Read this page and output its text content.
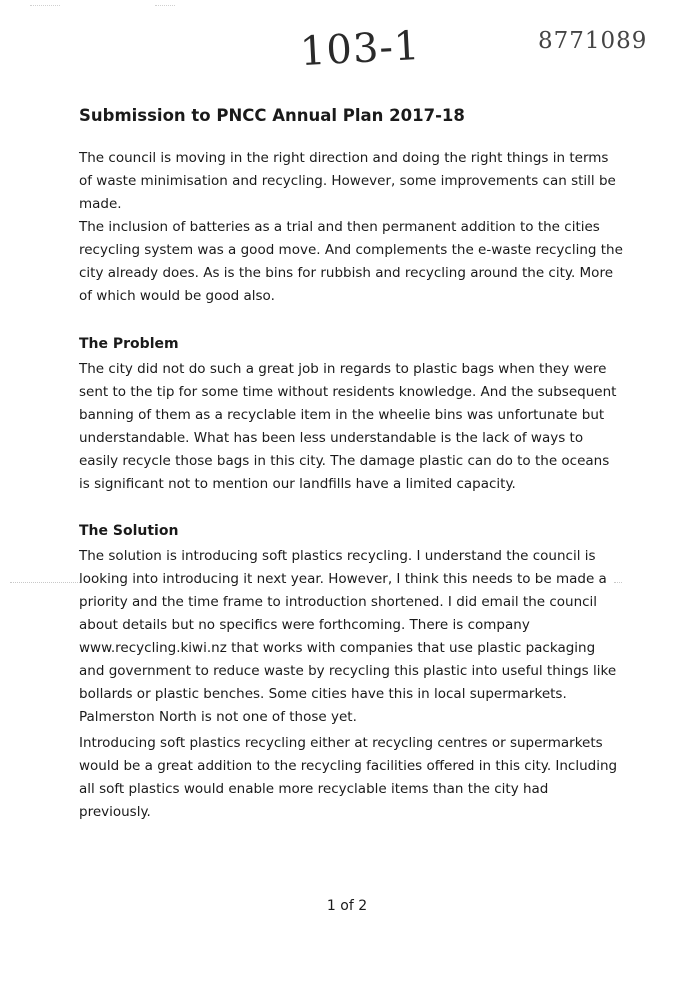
103-1	8771089
Submission to PNCC Annual Plan 2017-18

The council is moving in the right direction and doing the right things in terms of waste minimisation and recycling. However, some improvements can still be made.

The inclusion of batteries as a trial and then permanent addition to the cities recycling system was a good move. And complements the e-waste recycling the city already does. As is the bins for rubbish and recycling around the city. More of which would be good also.

The Problem

The city did not do such a great job in regards to plastic bags when they were sent to the tip for some time without residents knowledge. And the subsequent banning of them as a recyclable item in the wheelie bins was unfortunate but understandable. What has been less understandable is the lack of ways to easily recycle those bags in this city. The damage plastic can do to the oceans is significant not to mention our landfills have a limited capacity.

The Solution

The solution is introducing soft plastics recycling. I understand the council is looking into introducing it next year. However, I think this needs to be made a priority and the time frame to introduction shortened. I did email the council about details but no specifics were forthcoming. There is company www.recycling.kiwi.nz that works with companies that use plastic packaging and government to reduce waste by recycling this plastic into useful things like bollards or plastic benches. Some cities have this in local supermarkets. Palmerston North is not one of those yet.

Introducing soft plastics recycling either at recycling centres or supermarkets would be a great addition to the recycling facilities offered in this city. Including all soft plastics would enable more recyclable items than the city had previously.

1 of 2
